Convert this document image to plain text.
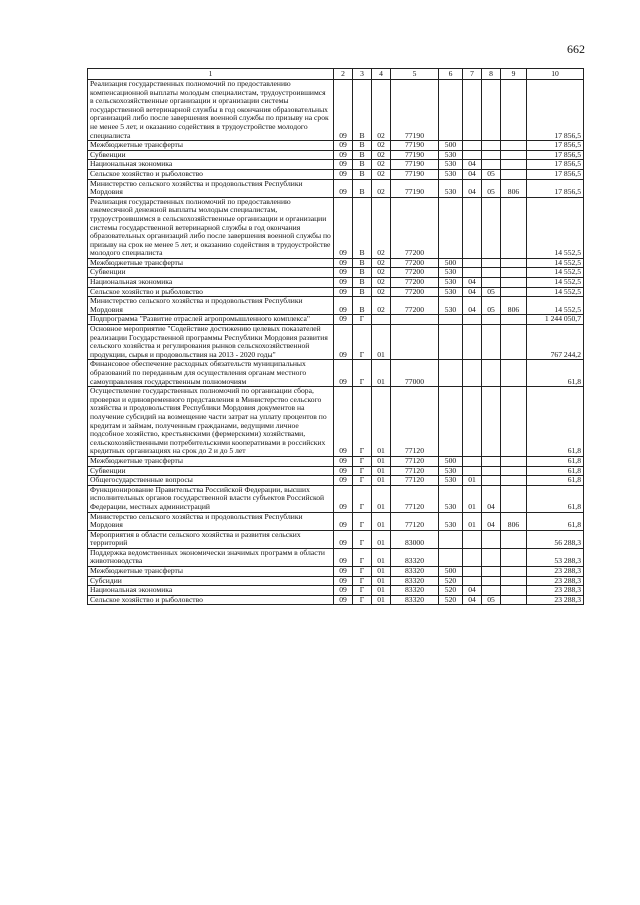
662
1	2	3	4	5	6	7	8	9	10
Реализация государственных полномочий по предоставлению компенсационной выплаты молодым специалистам, трудоустроившимся в сельскохозяйственные организации и организации системы государственной ветеринарной службы в год окончания образовательных организаций либо после завершения военной службы по призыву на срок не менее 5 лет, и оказанию содействия в трудоустройстве молодого специалиста	09	В	02	77190					17 856,5
Межбюджетные трансферты	09	В	02	77190	500				17 856,5
Субвенции	09	В	02	77190	530				17 856,5
Национальная экономика	09	В	02	77190	530	04			17 856,5
Сельское хозяйство и рыболовство	09	В	02	77190	530	04	05		17 856,5
Министерство сельского хозяйства и продовольствия Республики Мордовия	09	В	02	77190	530	04	05	806	17 856,5
Реализация государственных полномочий по предоставлению ежемесячной денежной выплаты молодым специалистам, трудоустроившимся в сельскохозяйственные организации и организации системы государственной ветеринарной службы в год окончания образовательных организаций либо после завершения военной службы по призыву на срок не менее 5 лет, и оказанию содействия в трудоустройстве молодого специалиста	09	В	02	77200					14 552,5
Межбюджетные трансферты	09	В	02	77200	500				14 552,5
Субвенции	09	В	02	77200	530				14 552,5
Национальная экономика	09	В	02	77200	530	04			14 552,5
Сельское хозяйство и рыболовство	09	В	02	77200	530	04	05		14 552,5
Министерство сельского хозяйства и продовольствия Республики Мордовия	09	В	02	77200	530	04	05	806	14 552,5
Подпрограмма "Развитие отраслей агропромышленного комплекса"	09	Г							1 244 050,7
Основное мероприятие "Содействие достижению целевых показателей реализации Государственной программы Республики Мордовия развития сельского хозяйства и регулирования рынков сельскохозяйственной продукции, сырья и продовольствия на 2013 - 2020 годы"	09	Г	01						767 244,2
Финансовое обеспечение расходных обязательств муниципальных образований по переданным для осуществления органам местного самоуправления государственным полномочиям	09	Г	01	77000					61,8
Осуществление государственных полномочий по организации сбора, проверки и единовременного представления в Министерство сельского хозяйства и продовольствия Республики Мордовия документов на получение субсидий на возмещение части затрат на уплату процентов по кредитам и займам, полученным гражданами, ведущими личное подсобное хозяйство, крестьянскими (фермерскими) хозяйствами, сельскохозяйственными потребительскими кооперативами в российских кредитных организациях на срок до 2 и до 5 лет	09	Г	01	77120					61,8
Межбюджетные трансферты	09	Г	01	77120	500				61,8
Субвенции	09	Г	01	77120	530				61,8
Общегосударственные вопросы	09	Г	01	77120	530	01			61,8
Функционирование Правительства Российской Федерации, высших исполнительных органов государственной власти субъектов Российской Федерации, местных администраций	09	Г	01	77120	530	01	04		61,8
Министерство сельского хозяйства и продовольствия Республики Мордовия	09	Г	01	77120	530	01	04	806	61,8
Мероприятия в области сельского хозяйства и развития сельских территорий	09	Г	01	83000					56 288,3
Поддержка ведомственных экономически значимых программ в области животноводства	09	Г	01	83320					53 288,3
Межбюджетные трансферты	09	Г	01	83320	500				23 288,3
Субсидии	09	Г	01	83320	520				23 288,3
Национальная экономика	09	Г	01	83320	520	04			23 288,3
Сельское хозяйство и рыболовство	09	Г	01	83320	520	04	05		23 288,3
